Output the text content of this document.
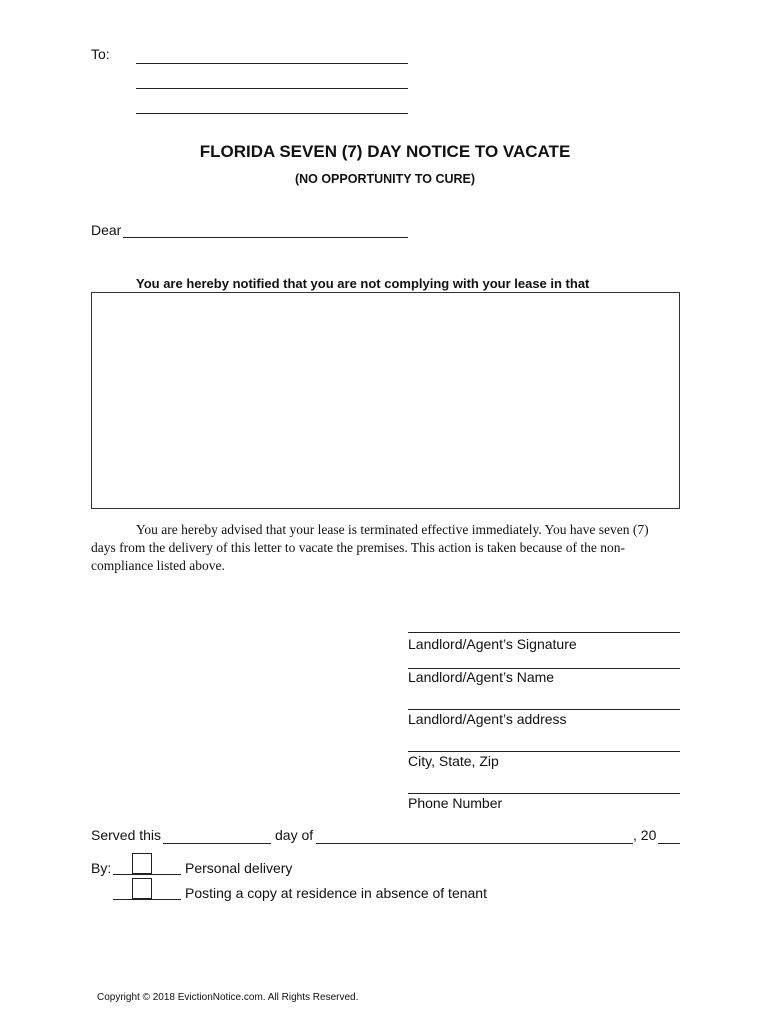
To:
FLORIDA SEVEN (7) DAY NOTICE TO VACATE
(NO OPPORTUNITY TO CURE)
Dear
You are hereby notified that you are not complying with your lease in that
You are hereby advised that your lease is terminated effective immediately. You have seven (7)
days from the delivery of this letter to vacate the premises. This action is taken because of the non-
compliance listed above.
Landlord/Agent’s Signature
Landlord/Agent’s Name
Landlord/Agent’s address
City, State, Zip
Phone Number
Served this	day of	, 20
By:	Personal delivery
Posting a copy at residence in absence of tenant
Copyright © 2018 EvictionNotice.com. All Rights Reserved.
